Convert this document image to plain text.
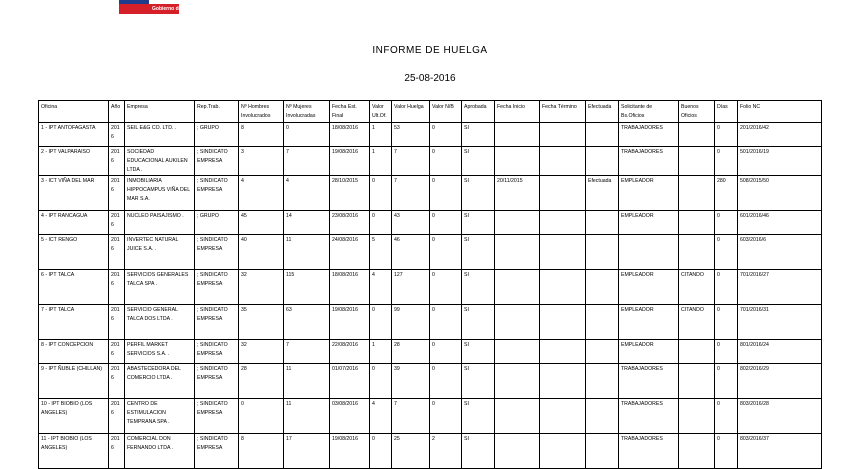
Gobierno de Chile
INFORME DE HUELGA
25-08-2016
Oficina	Año	Empresa	Rep.Trab.	Nº Hombres Involucrados	Nº Mujeres Involucradas	Fecha Est. Final	Valor Ult.Of.	Valor Huelga	Valor N/B	Aprobada	Fecha Inicio	Fecha Término	Efectuada	Solicitante de Bs.Oficios	Buenos Oficios	Días	Folio NC
1 - IPT ANTOFAGASTA	2016	SEIL E&G CO. LTD. .	; GRUPO	8	0	18/08/2016	1	53	0	SI				TRABAJADORES		0	201/2016/42
2 - IPT VALPARAISO	2016	SOCIEDAD EDUCACIONAL AUKILEN LTDA .	; SINDICATO EMPRESA	3	7	19/08/2016	1	7	0	SI				TRABAJADORES		0	501/2016/19
3 - ICT VIÑA DEL MAR	2016	INMOBILIARIA HIPPOCAMPUS VIÑA DEL MAR S.A.	; SINDICATO EMPRESA	4	4	28/10/2015	0	7	0	SI	20/11/2015		Efectuada	EMPLEADOR		280	508/2015/50
4 - IPT RANCAGUA	2016	NUCLEO PAISAJISMO .	; GRUPO	45	14	23/08/2016	0	43	0	SI				EMPLEADOR		0	601/2016/46
5 - ICT RENGO	2016	INVERTEC NATURAL JUICE S.A. .	; SINDICATO EMPRESA	40	11	24/08/2016	5	46	0	SI						0	603/2016/6
6 - IPT TALCA	2016	SERVICIOS GENERALES TALCA SPA .	; SINDICATO EMPRESA	32	115	18/08/2016	4	127	0	SI				EMPLEADOR	CITANDO	0	701/2016/27
7 - IPT TALCA	2016	SERVICIO GENERAL TALCA DOS LTDA .	; SINDICATO EMPRESA	35	63	19/08/2016	0	99	0	SI				EMPLEADOR	CITANDO	0	701/2016/31
8 - IPT CONCEPCION	2016	PERFIL MARKET SERVICIOS S.A. .	; SINDICATO EMPRESA	32	7	22/08/2016	1	28	0	SI				EMPLEADOR		0	801/2016/24
9 - IPT ÑUBLE (CHILLAN)	2016	ABASTECEDORA DEL COMERCIO LTDA .	; SINDICATO EMPRESA	28	11	01/07/2016	0	39	0	SI				TRABAJADORES		0	802/2016/29
10 - IPT BIOBIO (LOS ANGELES)	2016	CENTRO DE ESTIMULACION TEMPRANA SPA .	; SINDICATO EMPRESA	0	11	03/08/2016	4	7	0	SI				TRABAJADORES		0	803/2016/28
11 - IPT BIOBIO (LOS ANGELES)	2016	COMERCIAL DON FERNANDO LTDA .	; SINDICATO EMPRESA	8	17	19/08/2016	0	25	2	SI				TRABAJADORES		0	803/2016/37
